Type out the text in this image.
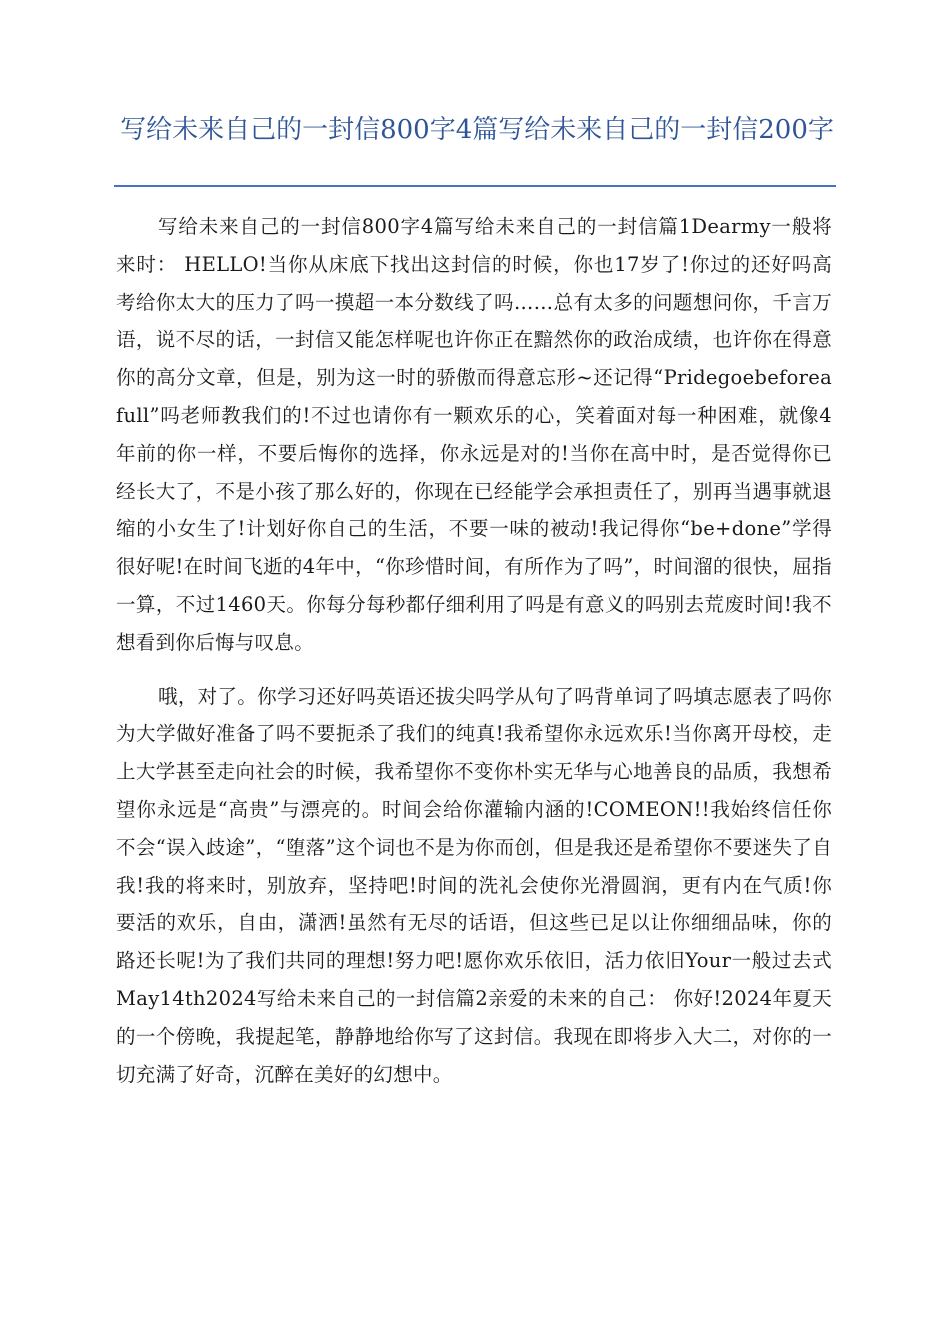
写给未来自己的一封信800字4篇写给未来自己的一封信200字

写给未来自己的一封信800字4篇写给未来自己的一封信篇1Dearmy一般将来时： HELLO!当你从床底下找出这封信的时候，你也17岁了!你过的还好吗高考给你太大的压力了吗一摸超一本分数线了吗……总有太多的问题想问你，千言万语，说不尽的话，一封信又能怎样呢也许你正在黯然你的政治成绩，也许你在得意你的高分文章，但是，别为这一时的骄傲而得意忘形~还记得“Pridegoebeforeafull”吗老师教我们的!不过也请你有一颗欢乐的心，笑着面对每一种困难，就像4年前的你一样，不要后悔你的选择，你永远是对的!当你在高中时，是否觉得你已经长大了，不是小孩了那么好的，你现在已经能学会承担责任了，别再当遇事就退缩的小女生了!计划好你自己的生活，不要一味的被动!我记得你“be+done”学得很好呢!在时间飞逝的4年中，“你珍惜时间，有所作为了吗”，时间溜的很快，屈指一算，不过1460天。你每分每秒都仔细利用了吗是有意义的吗别去荒废时间!我不想看到你后悔与叹息。

哦，对了。你学习还好吗英语还拔尖吗学从句了吗背单词了吗填志愿表了吗你为大学做好准备了吗不要扼杀了我们的纯真!我希望你永远欢乐!当你离开母校，走上大学甚至走向社会的时候，我希望你不变你朴实无华与心地善良的品质，我想希望你永远是“高贵”与漂亮的。时间会给你灌输内涵的!COMEON!!我始终信任你不会“误入歧途”，“堕落”这个词也不是为你而创，但是我还是希望你不要迷失了自我!我的将来时，别放弃，坚持吧!时间的洗礼会使你光滑圆润，更有内在气质!你要活的欢乐，自由，潇洒!虽然有无尽的话语，但这些已足以让你细细品味，你的路还长呢!为了我们共同的理想!努力吧!愿你欢乐依旧，活力依旧Your一般过去式May14th2024写给未来自己的一封信篇2亲爱的未来的自己： 你好!2024年夏天的一个傍晚，我提起笔，静静地给你写了这封信。我现在即将步入大二，对你的一切充满了好奇，沉醉在美好的幻想中。
